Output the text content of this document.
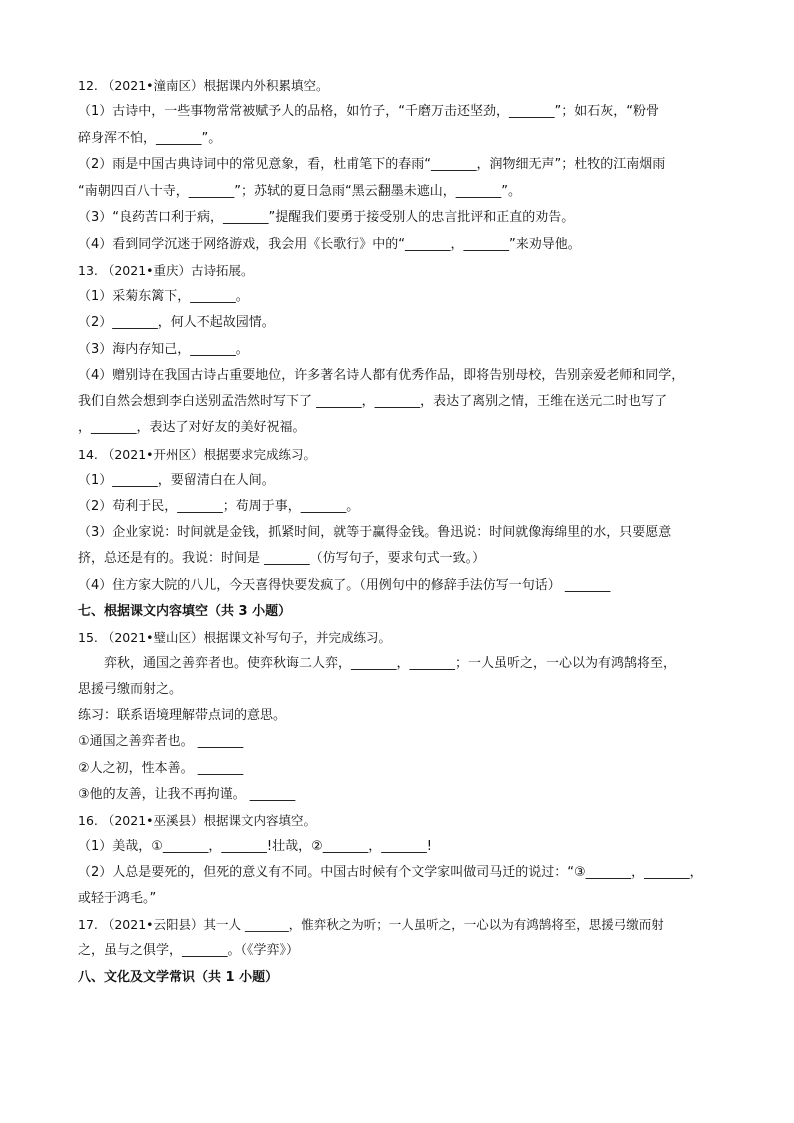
12. （2021•潼南区）根据课内外积累填空。
（1）古诗中，一些事物常常被赋予人的品格，如竹子，“千磨万击还坚劲，_______”；如石灰，“粉骨
碎身浑不怕，_______”。
（2）雨是中国古典诗词中的常见意象，看，杜甫笔下的春雨“_______，润物细无声”；杜牧的江南烟雨
“南朝四百八十寺，_______”；苏轼的夏日急雨“黑云翻墨未遮山，_______”。
（3）“良药苦口利于病，_______”提醒我们要勇于接受别人的忠言批评和正直的劝告。
（4）看到同学沉迷于网络游戏，我会用《长歌行》中的“_______，_______”来劝导他。
13. （2021•重庆）古诗拓展。
（1）采菊东篱下，_______。
（2）_______，何人不起故园情。
（3）海内存知己，_______。
（4）赠别诗在我国古诗占重要地位，许多著名诗人都有优秀作品，即将告别母校，告别亲爱老师和同学，
我们自然会想到李白送别孟浩然时写下了 _______，_______，表达了离别之情，王维在送元二时也写了
，_______，表达了对好友的美好祝福。
14. （2021•开州区）根据要求完成练习。
（1）_______，要留清白在人间。
（2）苟利于民，_______；苟周于事，_______。
（3）企业家说：时间就是金钱，抓紧时间，就等于赢得金钱。鲁迅说：时间就像海绵里的水，只要愿意
挤，总还是有的。我说：时间是 _______（仿写句子，要求句式一致。）
（4）住方家大院的八儿，今天喜得快要发疯了。（用例句中的修辞手法仿写一句话） _______
七、根据课文内容填空（共 3 小题）
15. （2021•璧山区）根据课文补写句子，并完成练习。
弈秋，通国之善弈者也。使弈秋诲二人弈，_______，_______；一人虽听之，一心以为有鸿鹄将至，
思援弓缴而射之。
练习：联系语境理解带点词的意思。
①通国之善弈者也。 _______
②人之初，性本善。 _______
③他的友善，让我不再拘谨。 _______
16. （2021•巫溪县）根据课文内容填空。
（1）美哉，①_______，_______!壮哉，②_______，_______!
（2）人总是要死的，但死的意义有不同。中国古时候有个文学家叫做司马迁的说过：“③_______，_______，
或轻于鸿毛。”
17. （2021•云阳县）其一人 _______，惟弈秋之为听；一人虽听之，一心以为有鸿鹄将至，思援弓缴而射
之，虽与之俱学，_______。（《学弈》）
八、文化及文学常识（共 1 小题）
